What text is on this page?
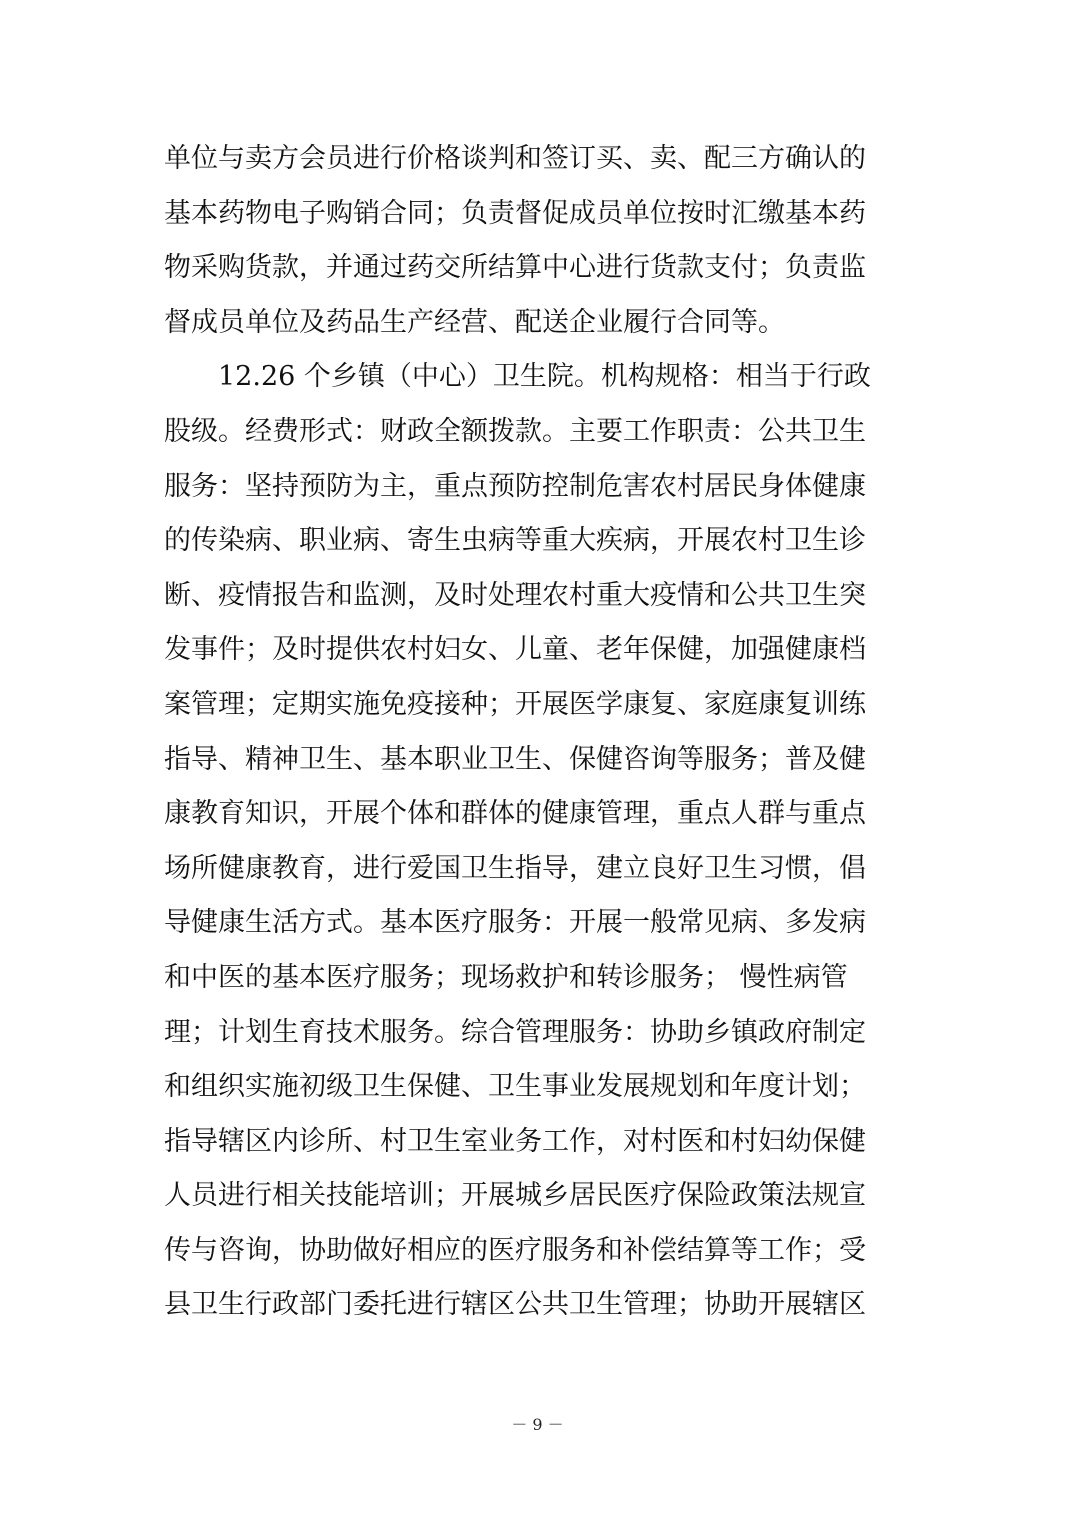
单位与卖方会员进行价格谈判和签订买、卖、配三方确认的
基本药物电子购销合同；负责督促成员单位按时汇缴基本药
物采购货款，并通过药交所结算中心进行货款支付；负责监
督成员单位及药品生产经营、配送企业履行合同等。
　　12.26 个乡镇（中心）卫生院。机构规格：相当于行政
股级。经费形式：财政全额拨款。主要工作职责：公共卫生
服务：坚持预防为主，重点预防控制危害农村居民身体健康
的传染病、职业病、寄生虫病等重大疾病，开展农村卫生诊
断、疫情报告和监测，及时处理农村重大疫情和公共卫生突
发事件；及时提供农村妇女、儿童、老年保健，加强健康档
案管理；定期实施免疫接种；开展医学康复、家庭康复训练
指导、精神卫生、基本职业卫生、保健咨询等服务；普及健
康教育知识，开展个体和群体的健康管理，重点人群与重点
场所健康教育，进行爱国卫生指导，建立良好卫生习惯，倡
导健康生活方式。基本医疗服务：开展一般常见病、多发病
和中医的基本医疗服务；现场救护和转诊服务； 慢性病管
理；计划生育技术服务。综合管理服务：协助乡镇政府制定
和组织实施初级卫生保健、卫生事业发展规划和年度计划；
指导辖区内诊所、村卫生室业务工作，对村医和村妇幼保健
人员进行相关技能培训；开展城乡居民医疗保险政策法规宣
传与咨询，协助做好相应的医疗服务和补偿结算等工作；受
县卫生行政部门委托进行辖区公共卫生管理；协助开展辖区
－ 9 －
